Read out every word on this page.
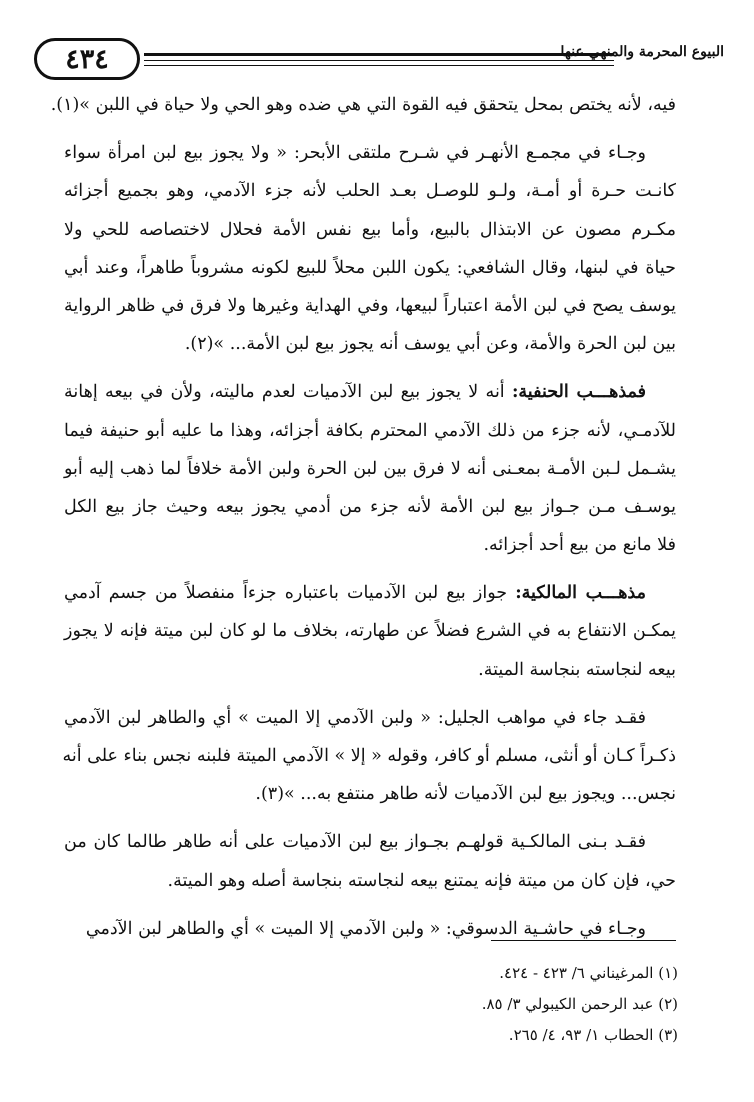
٤٣٤	البيوع المحرمة والمنهي عنها
فيه، لأنه يختص بمحل يتحقق فيه القوة التي هي ضده وهو الحي ولا حياة في اللبن »(١).
وجـاء في مجمـع الأنهـر في شـرح ملتقى الأبحر: « ولا يجوز بيع لبن امرأة سواء
كانـت حـرة أو أمـة، ولـو للوصـل بعـد الحلب لأنه جزء الآدمي، وهو بجميع أجزائه
مكـرم مصون عن الابتذال بالبيع، وأما بيع نفس الأمة فحلال لاختصاصه للحي ولا
حياة في لبنها، وقال الشافعي: يكون اللبن محلاً للبيع لكونه مشروباً طاهراً، وعند أبي
يوسف يصح في لبن الأمة اعتباراً لبيعها، وفي الهداية وغيرها ولا فرق في ظاهر الرواية
بين لبن الحرة والأمة، وعن أبي يوسف أنه يجوز بيع لبن الأمة... »(٢).
فمذهـــب الحنفية: أنه لا يجوز بيع لبن الآدميات لعدم ماليته، ولأن في بيعه إهانة
للآدمـي، لأنه جزء من ذلك الآدمي المحترم بكافة أجزائه، وهذا ما عليه أبو حنيفة فيما
يشـمل لـبن الأمـة بمعـنى أنه لا فرق بين لبن الحرة ولبن الأمة خلافاً لما ذهب إليه أبو
يوسـف مـن جـواز بيع لبن الأمة لأنه جزء من أدمي يجوز بيعه وحيث جاز بيع الكل
فلا مانع من بيع أحد أجزائه.
مذهـــب المالكية: جواز بيع لبن الآدميات باعتباره جزءاً منفصلاً من جسم آدمي
يمكـن الانتفاع به في الشرع فضلاً عن طهارته، بخلاف ما لو كان لبن ميتة فإنه لا يجوز
بيعه لنجاسته بنجاسة الميتة.
فقـد جاء في مواهب الجليل: « ولبن الآدمي إلا الميت » أي والطاهر لبن الآدمي
ذكـراً كـان أو أنثى، مسلم أو كافر، وقوله « إلا » الآدمي الميتة فلبنه نجس بناء على أنه
نجس... ويجوز بيع لبن الآدميات لأنه طاهر منتفع به... »(٣).
فقـد بـنى المالكـية قولهـم بجـواز بيع لبن الآدميات على أنه طاهر طالما كان من
حي، فإن كان من ميتة فإنه يمتنع بيعه لنجاسته بنجاسة أصله وهو الميتة.
وجـاء في حاشـية الدسوقي: « ولبن الآدمي إلا الميت » أي والطاهر لبن الآدمي
(١) المرغيناني ٦/ ٤٢٣ - ٤٢٤.
(٢) عبد الرحمن الكيبولي ٣/ ٨٥.
(٣) الحطاب ١/ ٩٣، ٤/ ٢٦٥.
